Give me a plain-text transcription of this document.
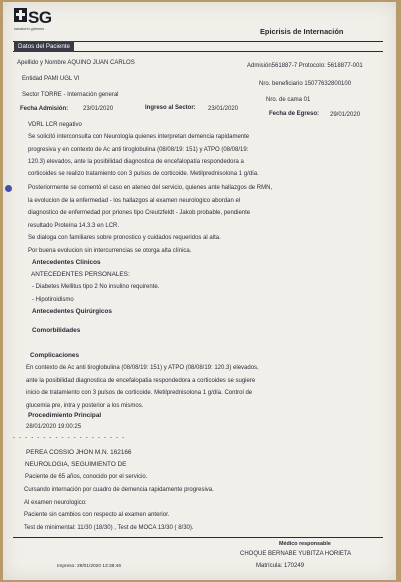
SG
sanatorio güemes	Epicrisis de Internación
Datos del Paciente
Apellido y Nombre AQUINO JUAN CARLOS	Admisión561887-7 Protocolo: 5618877-001
Entidad PAMI UGL VI
Nro. beneficiario 15077632800100
Sector TORRE - Internación general
Nro. de cama 01
Fecha Admisión: 23/01/2020	Ingreso al Sector: 23/01/2020
Fecha de Egreso: 29/01/2020
VDRL LCR negativo
Se solicitó interconsulta con Neurología quienes interpretan demencia rapidamente
progresiva y en contexto de Ac anti tiroglobulina (08/08/19: 151) y ATPO (08/08/19:
120.3) elevados, ante la posibilidad diagnostica de encefalopatía respondedora a
corticoides se realizo tratamiento con 3 pulsos de corticoide. Metilprednisolona 1 g/día.
Posteriormente se comentó el caso en ateneo del servicio, quienes ante hallazgos de RMN,
la evolucion de la enfermedad - los hallazgos al examen neurologico abordan el
diagnostico de enfermedad por priones tipo Creutzfeldt - Jakob probable, pendiente
resultado Proteína 14.3.3 en LCR.
Se dialoga con familiares sobre pronostico y cuidados requeridos al alta.
Por buena evolucion sin intercurrencias se otorga alta clínica.
Antecedentes Clinicos
ANTECEDENTES PERSONALES:
- Diabetes Mellitus tipo 2 No insulino requirente.
- Hipotiroidismo
Antecedentes Quirúrgicos
Comorbilidades
Complicaciones
En contexto de Ac anti tiroglobulina (08/08/19: 151) y ATPO (08/08/19: 120.3) elevados,
ante la posibilidad diagnostica de encefalopatia respondedora a corticoides se sugiere
inicio de tratamiento con 3 pulsos de corticoide. Metilprednisolona 1 g/día. Control de
glucemia pre, intra y posterior a los mismos.
Procedimiento Principal
28/01/2020 19:00:25
- - - - - - - - - - - - - - - - - - -
PEREA COSSIO JHON M.N. 162166
NEUROLOGIA, SEGUIMIENTO DE
Paciente de 65 años, conocido por el servicio.
Cursando internación por cuadro de demencia rapidamente progresiva.
Al examen neurologico:
Paciente sin cambios con respecto al examen anterior.
Test de minimental: 11/30 (18/30) , Test de MOCA 13/30 ( 8/30).
Médico responsable
CHOQUE BERNABE YUBITZA HORIETA
Matrícula: 170249
Impreso: 29/01/2020 13:38:46
